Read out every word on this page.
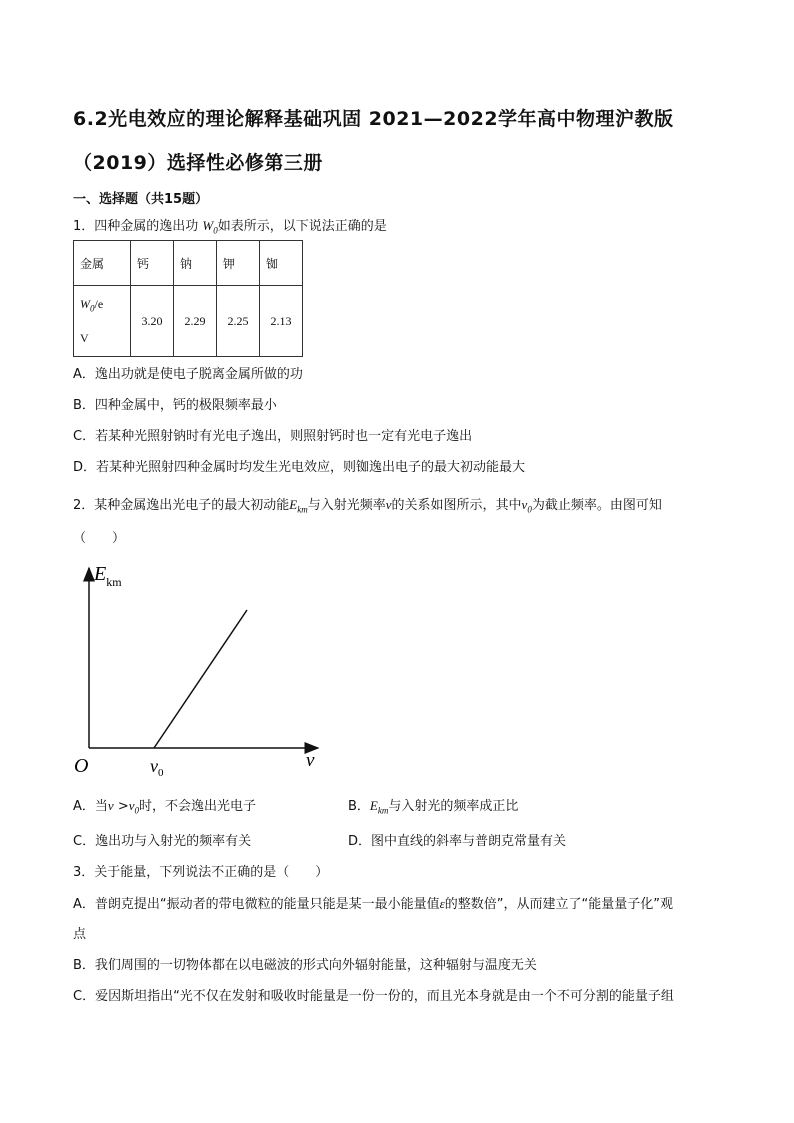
6.2光电效应的理论解释基础巩固 2021—2022学年高中物理沪教版
（2019）选择性必修第三册
一、选择题（共15题）
1．四种金属的逸出功 $W_0$如表所示，以下说法正确的是
金属	钙	钠	钾	铷
$W_0/e$
V	3.20	2.29	2.25	2.13
A．逸出功就是使电子脱离金属所做的功
B．四种金属中，钙的极限频率最小
C．若某种光照射钠时有光电子逸出，则照射钙时也一定有光电子逸出
D．若某种光照射四种金属时均发生光电效应，则铷逸出电子的最大初动能最大
2．某种金属逸出光电子的最大初动能$E_{km}$与入射光频率ν的关系如图所示，其中$\nu_0$为截止频率。由图可知
（　　）
$E_{km}$
O	$v_0$
v
A．当$\nu >\nu_0$时，不会逸出光电子	B．$E_{km}$与入射光的频率成正比
C．逸出功与入射光的频率有关	D．图中直线的斜率与普朗克常量有关
3．关于能量，下列说法不正确的是（　　）
A．普朗克提出“振动者的带电微粒的能量只能是某一最小能量值ε的整数倍”，从而建立了“能量量子化”观
点
B．我们周围的一切物体都在以电磁波的形式向外辐射能量，这种辐射与温度无关
C．爱因斯坦指出“光不仅在发射和吸收时能量是一份一份的，而且光本身就是由一个不可分割的能量子组
